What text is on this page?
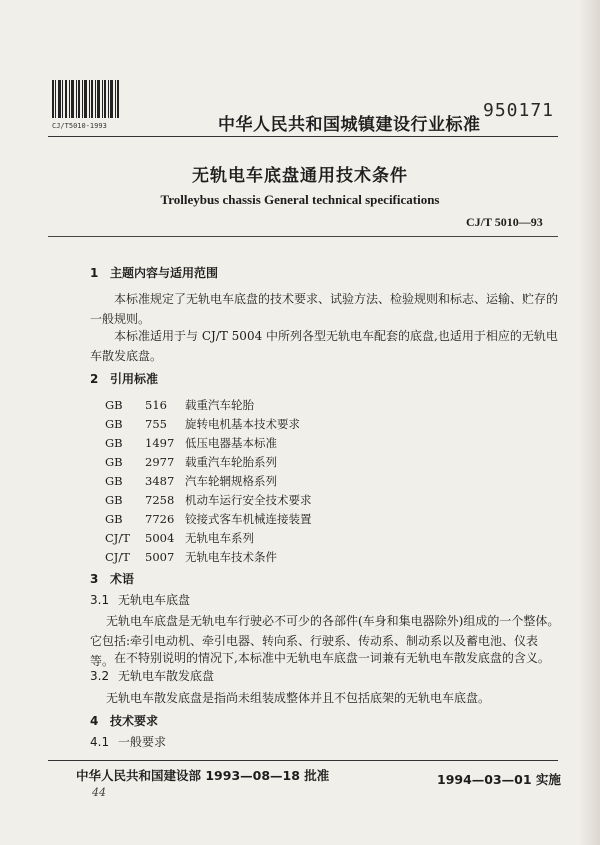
CJ/T5010-1993	中华人民共和国城镇建设行业标准
950171
无轨电车底盘通用技术条件
Trolleybus chassis General technical specifications
CJ/T 5010—93
1 主题内容与适用范围
本标准规定了无轨电车底盘的技术要求、试验方法、检验规则和标志、运输、贮存的一般规则。
本标准适用于与 CJ/T 5004 中所列各型无轨电车配套的底盘,也适用于相应的无轨电车散发底盘。
2 引用标准
GB 516 载重汽车轮胎
GB 755 旋转电机基本技术要求
GB 1497 低压电器基本标准
GB 2977 载重汽车轮胎系列
GB 3487 汽车轮辋规格系列
GB 7258 机动车运行安全技术要求
GB 7726 铰接式客车机械连接装置
CJ/T 5004 无轨电车系列
CJ/T 5007 无轨电车技术条件
3 术语
3.1 无轨电车底盘
无轨电车底盘是无轨电车行驶必不可少的各部件(车身和集电器除外)组成的一个整体。它包括:牵引电动机、牵引电器、转向系、行驶系、传动系、制动系以及蓄电池、仪表等。 在不特别说明的情况下,本标准中无轨电车底盘一词兼有无轨电车散发底盘的含义。
3.2 无轨电车散发底盘
无轨电车散发底盘是指尚未组装成整体并且不包括底架的无轨电车底盘。
4 技术要求
4.1 一般要求
中华人民共和国建设部 1993—08—18 批准	1994—03—01 实施
44
